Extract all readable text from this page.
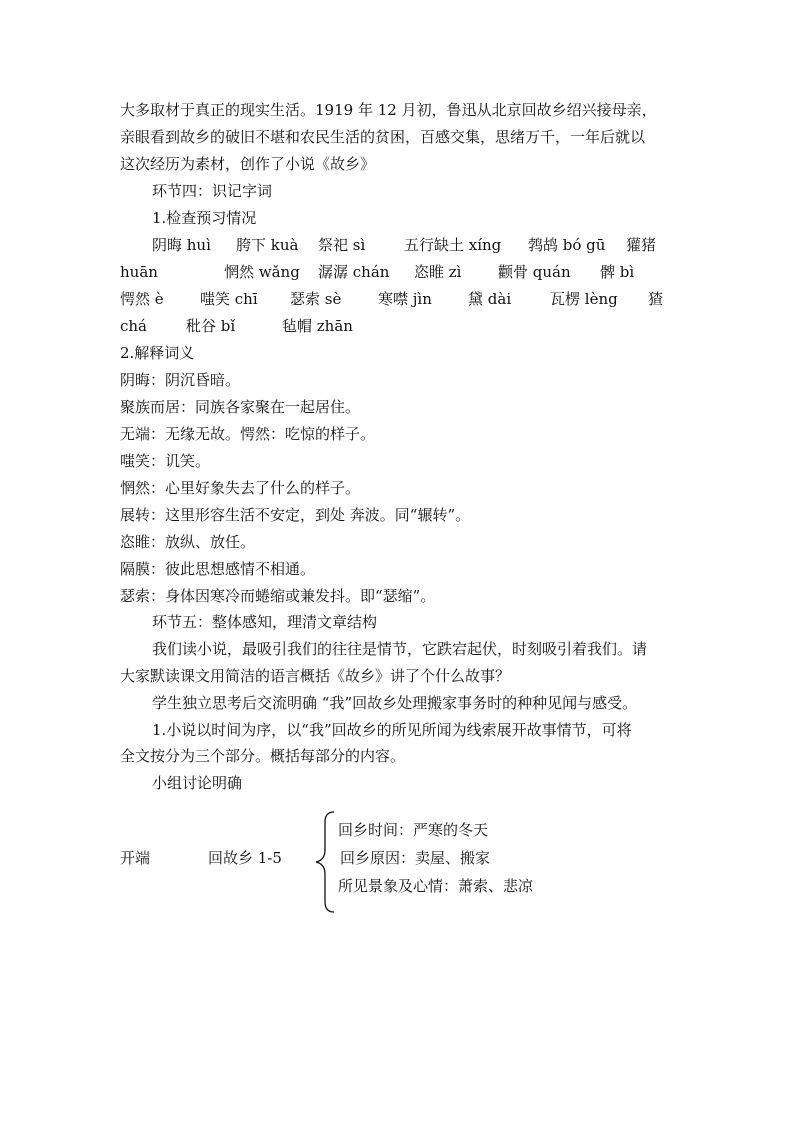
大多取材于真正的现实生活。1919 年 12 月初，鲁迅从北京回故乡绍兴接母亲，
亲眼看到故乡的破旧不堪和农民生活的贫困，百感交集，思绪万千，一年后就以
这次经历为素材，创作了小说《故乡》
环节四：识记字词
1.检查预习情况
阴晦 huì 胯下 kuà 祭祀 sì	五行缺土 xíng 鹁鸪 bó gū 獾猪
huān	惘然 wǎng 潺潺 chán 恣睢 zì 颧骨 quán 髀 bì
愕然 è 嗤笑 chī 瑟索 sè 寒噤 jìn 黛 dài	瓦楞 lèng 猹
chá	秕谷 bǐ	毡帽 zhān
2.解释词义
阴晦：阴沉昏暗。
聚族而居：同族各家聚在一起居住。
无端：无缘无故。愕然：吃惊的样子。
嗤笑：讥笑。
惘然：心里好象失去了什么的样子。
展转：这里形容生活不安定，到处 奔波。同“辗转”。
恣睢：放纵、放任。
隔膜：彼此思想感情不相通。
瑟索：身体因寒冷而蜷缩或兼发抖。即“瑟缩”。
环节五：整体感知，理清文章结构
我们读小说，最吸引我们的往往是情节，它跌宕起伏，时刻吸引着我们。请
大家默读课文用简洁的语言概括《故乡》讲了个什么故事？
学生独立思考后交流明确 “我”回故乡处理搬家事务时的种种见闻与感受。
1.小说以时间为序，以“我”回故乡的所见所闻为线索展开故事情节，可将
全文按分为三个部分。概括每部分的内容。
小组讨论明确
开端	回故乡 1-5
回乡时间：严寒的冬天
回乡原因：卖屋、搬家
所见景象及心情：萧索、悲凉
